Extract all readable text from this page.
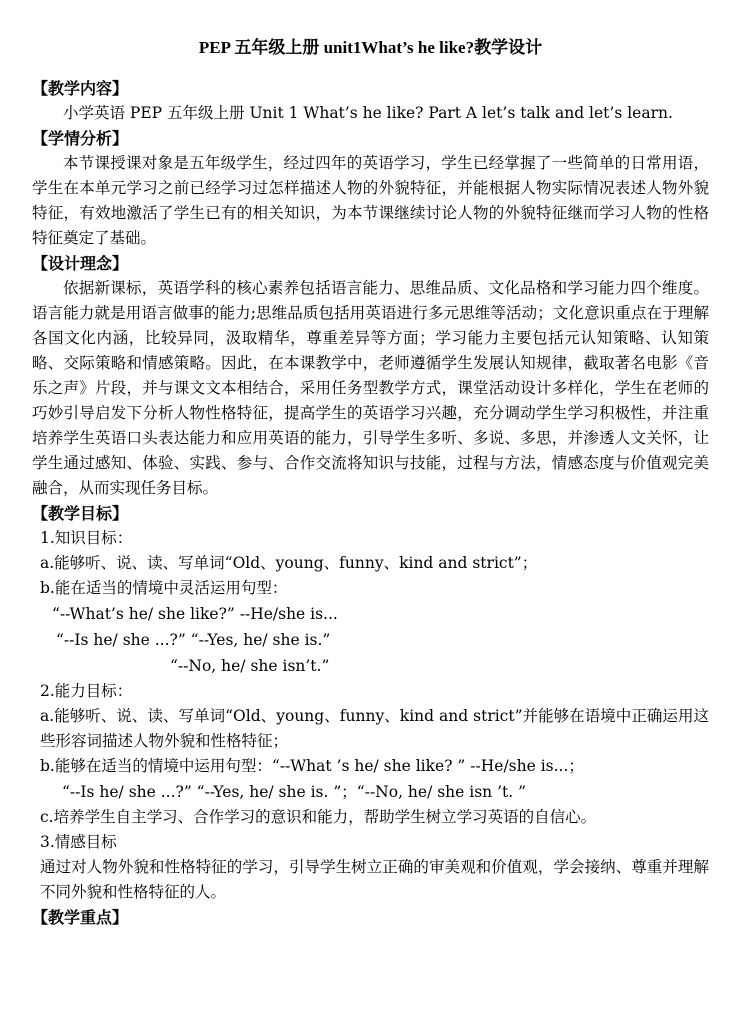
PEP 五年级上册 unit1What’s he like?教学设计

【教学内容】

小学英语 PEP 五年级上册 Unit 1 What’s he like? Part A let’s talk and let’s learn.

【学情分析】

本节课授课对象是五年级学生，经过四年的英语学习，学生已经掌握了一些简单的日常用语，学生在本单元学习之前已经学习过怎样描述人物的外貌特征，并能根据人物实际情况表述人物外貌特征，有效地激活了学生已有的相关知识，为本节课继续讨论人物的外貌特征继而学习人物的性格特征奠定了基础。

【设计理念】

依据新课标，英语学科的核心素养包括语言能力、思维品质、文化品格和学习能力四个维度。语言能力就是用语言做事的能力;思维品质包括用英语进行多元思维等活动；文化意识重点在于理解各国文化内涵，比较异同，汲取精华，尊重差异等方面；学习能力主要包括元认知策略、认知策略、交际策略和情感策略。因此，在本课教学中，老师遵循学生发展认知规律，截取著名电影《音乐之声》片段，并与课文文本相结合，采用任务型教学方式，课堂活动设计多样化，学生在老师的巧妙引导启发下分析人物性格特征，提高学生的英语学习兴趣，充分调动学生学习积极性，并注重培养学生英语口头表达能力和应用英语的能力，引导学生多听、多说、多思，并渗透人文关怀，让学生通过感知、体验、实践、参与、合作交流将知识与技能，过程与方法，情感态度与价值观完美融合，从而实现任务目标。

【教学目标】

1.知识目标：

a.能够听、说、读、写单词“Old、young、funny、kind and strict”；

b.能在适当的情境中灵活运用句型：

“--What’s he/ she like?” --He/she is...

“--Is he/ she ...?” “--Yes, he/ she is.”

“--No, he/ she isn’t.”

2.能力目标：

a.能够听、说、读、写单词“Old、young、funny、kind and strict”并能够在语境中正确运用这些形容词描述人物外貌和性格特征；

b.能够在适当的情境中运用句型：“--What ’s he/ she like? ” --He/she is...；

“--Is he/ she ...?” “--Yes, he/ she is. ”；“--No, he/ she isn ’t. ”

c.培养学生自主学习、合作学习的意识和能力，帮助学生树立学习英语的自信心。

3.情感目标

通过对人物外貌和性格特征的学习，引导学生树立正确的审美观和价值观，学会接纳、尊重并理解不同外貌和性格特征的人。

【教学重点】
